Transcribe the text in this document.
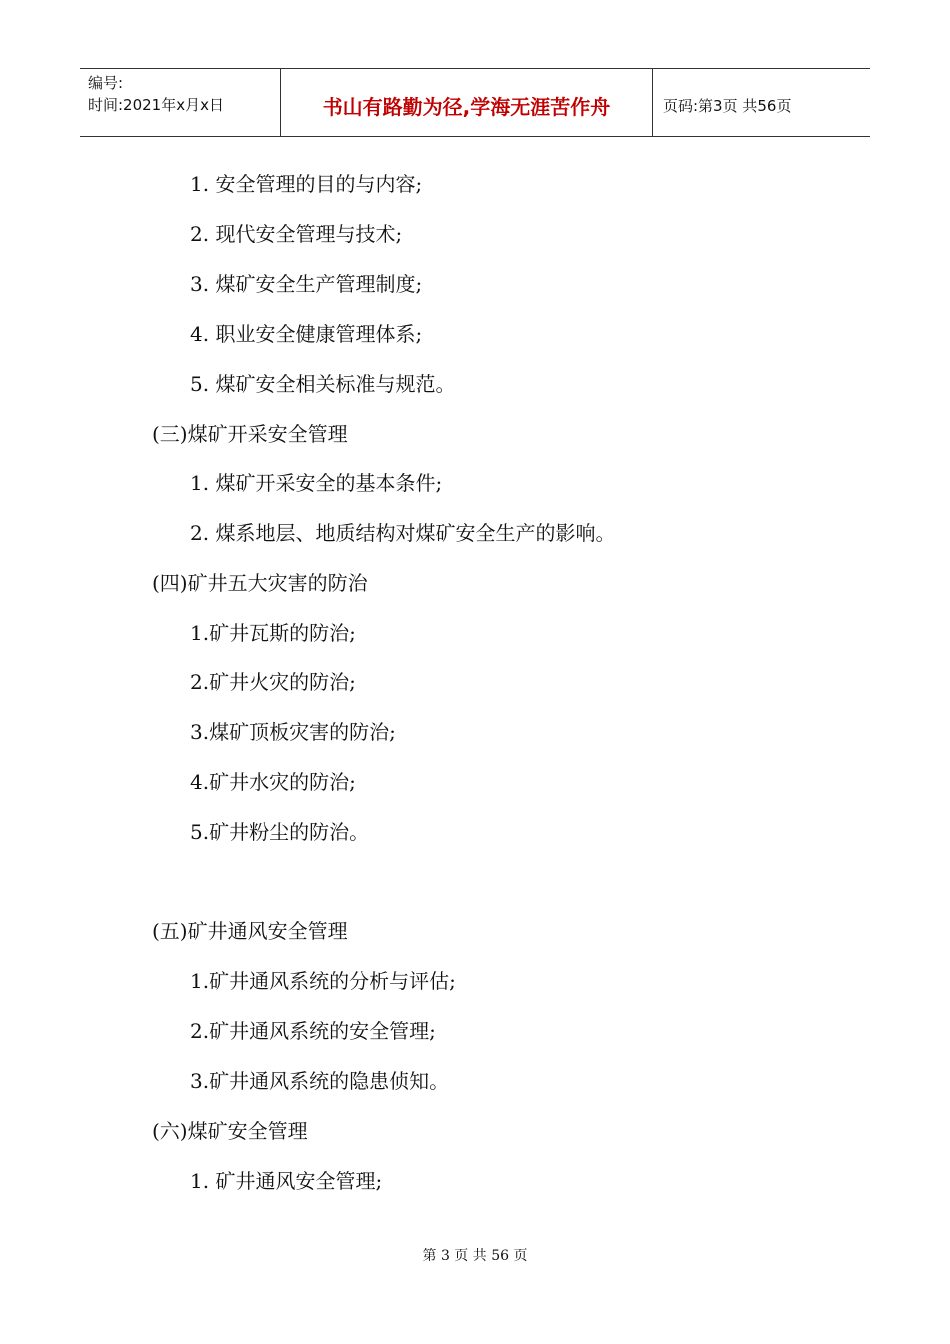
编号:
时间:2021年x月x日	书山有路勤为径,学海无涯苦作舟	页码:第3页 共56页
1. 安全管理的目的与内容;
2. 现代安全管理与技术;
3. 煤矿安全生产管理制度;
4. 职业安全健康管理体系;
5. 煤矿安全相关标准与规范。
(三)煤矿开采安全管理
1. 煤矿开采安全的基本条件;
2. 煤系地层、地质结构对煤矿安全生产的影响。
(四)矿井五大灾害的防治
1.矿井瓦斯的防治;
2.矿井火灾的防治;
3.煤矿顶板灾害的防治;
4.矿井水灾的防治;
5.矿井粉尘的防治。
(五)矿井通风安全管理
1.矿井通风系统的分析与评估;
2.矿井通风系统的安全管理;
3.矿井通风系统的隐患侦知。
(六)煤矿安全管理
1. 矿井通风安全管理;
第 3 页 共 56 页
